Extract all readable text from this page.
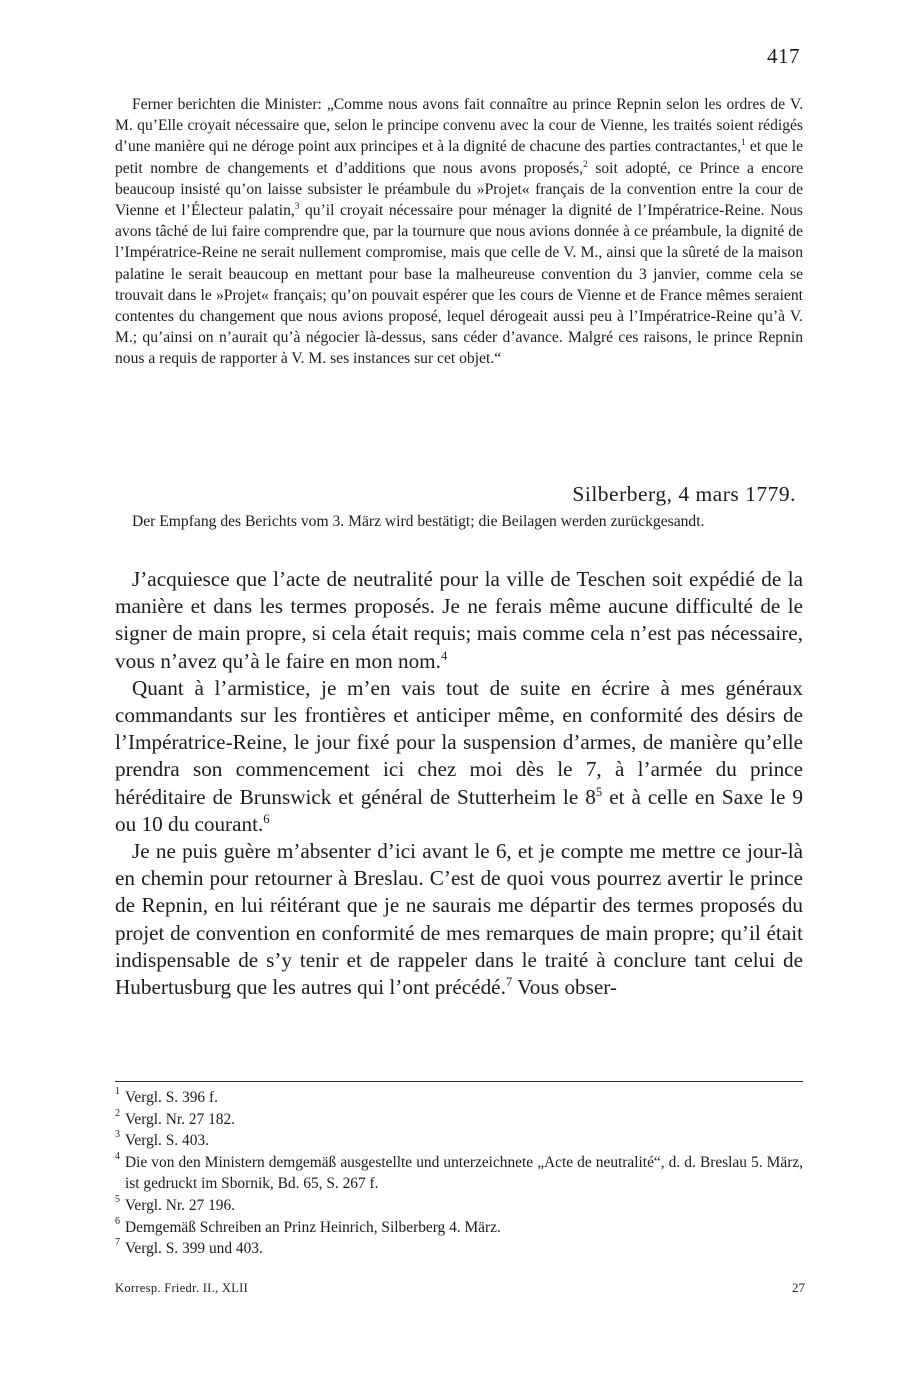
417

Ferner berichten die Minister: „Comme nous avons fait connaître au prince Repnin selon les ordres de V. M. qu’Elle croyait nécessaire que, selon le principe convenu avec la cour de Vienne, les traités soient rédigés d’une manière qui ne déroge point aux principes et à la dignité de chacune des parties contractantes,$^1$ et que le petit nombre de changements et d’additions que nous avons proposés,$^2$ soit adopté, ce Prince a encore beaucoup insisté qu’on laisse subsister le préambule du »Projet« français de la convention entre la cour de Vienne et l’Électeur palatin,$^3$ qu’il croyait nécessaire pour ménager la dignité de l’Impératrice-Reine. Nous avons tâché de lui faire comprendre que, par la tournure que nous avions donnée à ce préambule, la dignité de l’Impératrice-Reine ne serait nullement compromise, mais que celle de V. M., ainsi que la sûreté de la maison palatine le serait beaucoup en mettant pour base la malheureuse convention du 3 janvier, comme cela se trouvait dans le »Projet« français; qu’on pouvait espérer que les cours de Vienne et de France mêmes seraient contentes du changement que nous avions proposé, lequel dérogeait aussi peu à l’Impératrice-Reine qu’à V. M.; qu’ainsi on n’aurait qu’à négocier là-dessus, sans céder d’avance. Malgré ces raisons, le prince Repnin nous a requis de rapporter à V. M. ses instances sur cet objet.“

Silberberg, 4 mars 1779.

Der Empfang des Berichts vom 3. März wird bestätigt; die Beilagen werden zurückgesandt.

J’acquiesce que l’acte de neutralité pour la ville de Teschen soit expédié de la manière et dans les termes proposés. Je ne ferais même aucune difficulté de le signer de main propre, si cela était requis; mais comme cela n’est pas nécessaire, vous n’avez qu’à le faire en mon nom.$^4$

Quant à l’armistice, je m’en vais tout de suite en écrire à mes généraux commandants sur les frontières et anticiper même, en conformité des désirs de l’Impératrice-Reine, le jour fixé pour la suspension d’armes, de manière qu’elle prendra son commencement ici chez moi dès le 7, à l’armée du prince héréditaire de Brunswick et général de Stutterheim le $8^5$ et à celle en Saxe le 9 ou 10 du courant.$^6$

Je ne puis guère m’absenter d’ici avant le 6, et je compte me mettre ce jour-là en chemin pour retourner à Breslau. C’est de quoi vous pourrez avertir le prince de Repnin, en lui réitérant que je ne saurais me départir des termes proposés du projet de convention en conformité de mes remarques de main propre; qu’il était indispensable de s’y tenir et de rappeler dans le traité à conclure tant celui de Hubertusburg que les autres qui l’ont précédé.$^7$ Vous obser-

1 Vergl. S. 396 f.
2 Vergl. Nr. 27 182.
3 Vergl. S. 403.
4 Die von den Ministern demgemäß ausgestellte und unterzeichnete „Acte de neutralité“, d. d. Breslau 5. März, ist gedruckt im Sbornik, Bd. 65, S. 267 f.
5 Vergl. Nr. 27 196.
6 Demgemäß Schreiben an Prinz Heinrich, Silberberg 4. März.
7 Vergl. S. 399 und 403.
Korresp. Friedr. II., XLII	27
